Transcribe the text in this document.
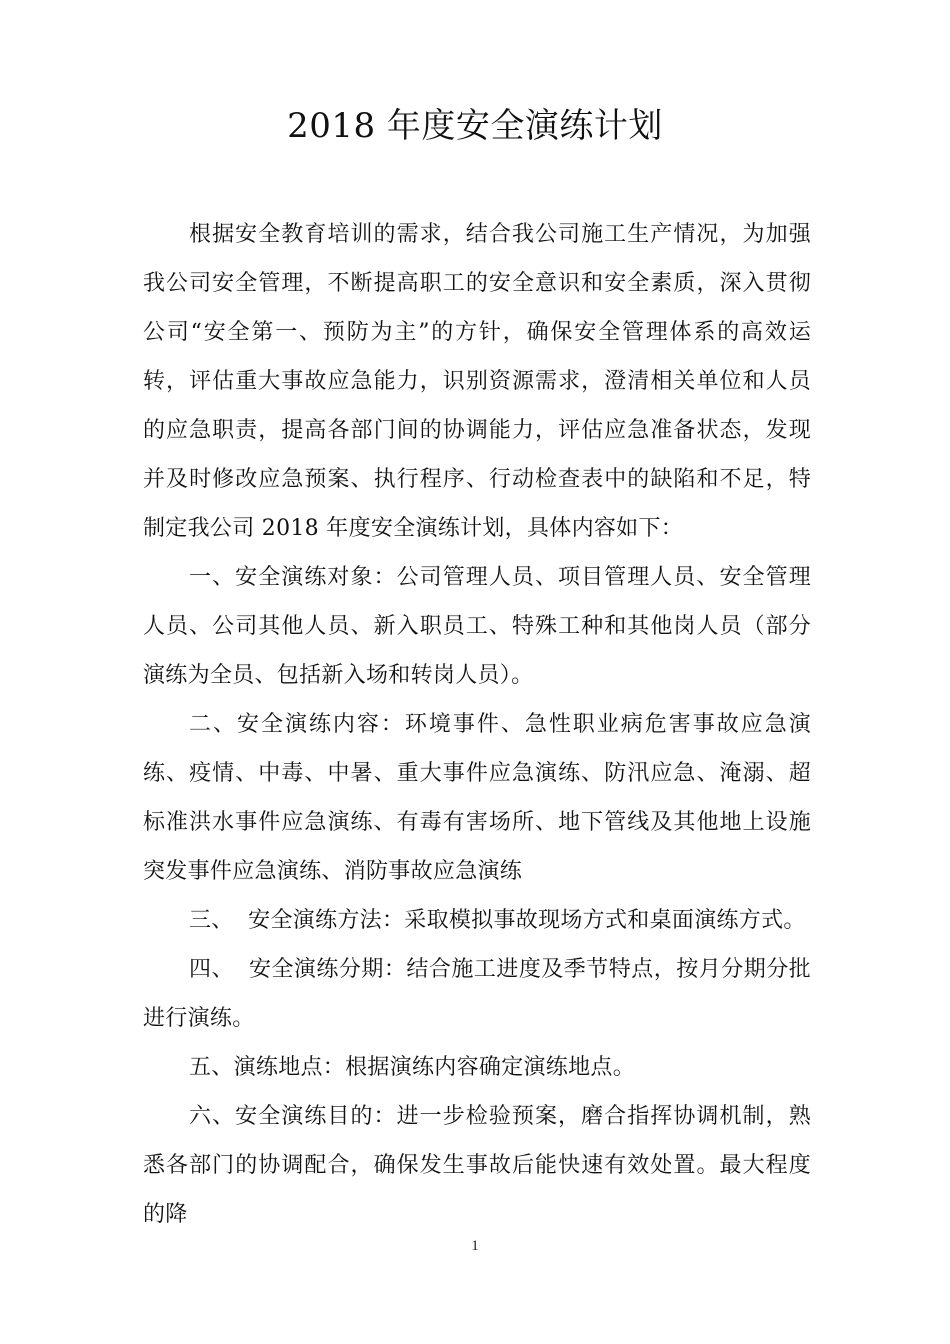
2018 年度安全演练计划

根据安全教育培训的需求，结合我公司施工生产情况，为加强我公司安全管理，不断提高职工的安全意识和安全素质，深入贯彻公司“安全第一、预防为主”的方针，确保安全管理体系的高效运转，评估重大事故应急能力，识别资源需求，澄清相关单位和人员的应急职责，提高各部门间的协调能力，评估应急准备状态，发现并及时修改应急预案、执行程序、行动检查表中的缺陷和不足，特制定我公司 2018 年度安全演练计划，具体内容如下：

一、安全演练对象：公司管理人员、项目管理人员、安全管理人员、公司其他人员、新入职员工、特殊工种和其他岗人员（部分演练为全员、包括新入场和转岗人员）。

二、安全演练内容：环境事件、急性职业病危害事故应急演练、疫情、中毒、中暑、重大事件应急演练、防汛应急、淹溺、超标准洪水事件应急演练、有毒有害场所、地下管线及其他地上设施突发事件应急演练、消防事故应急演练

三、  安全演练方法：采取模拟事故现场方式和桌面演练方式。

四、  安全演练分期：结合施工进度及季节特点，按月分期分批进行演练。

五、演练地点：根据演练内容确定演练地点。

六、安全演练目的：进一步检验预案，磨合指挥协调机制，熟悉各部门的协调配合，确保发生事故后能快速有效处置。最大程度的降

1
